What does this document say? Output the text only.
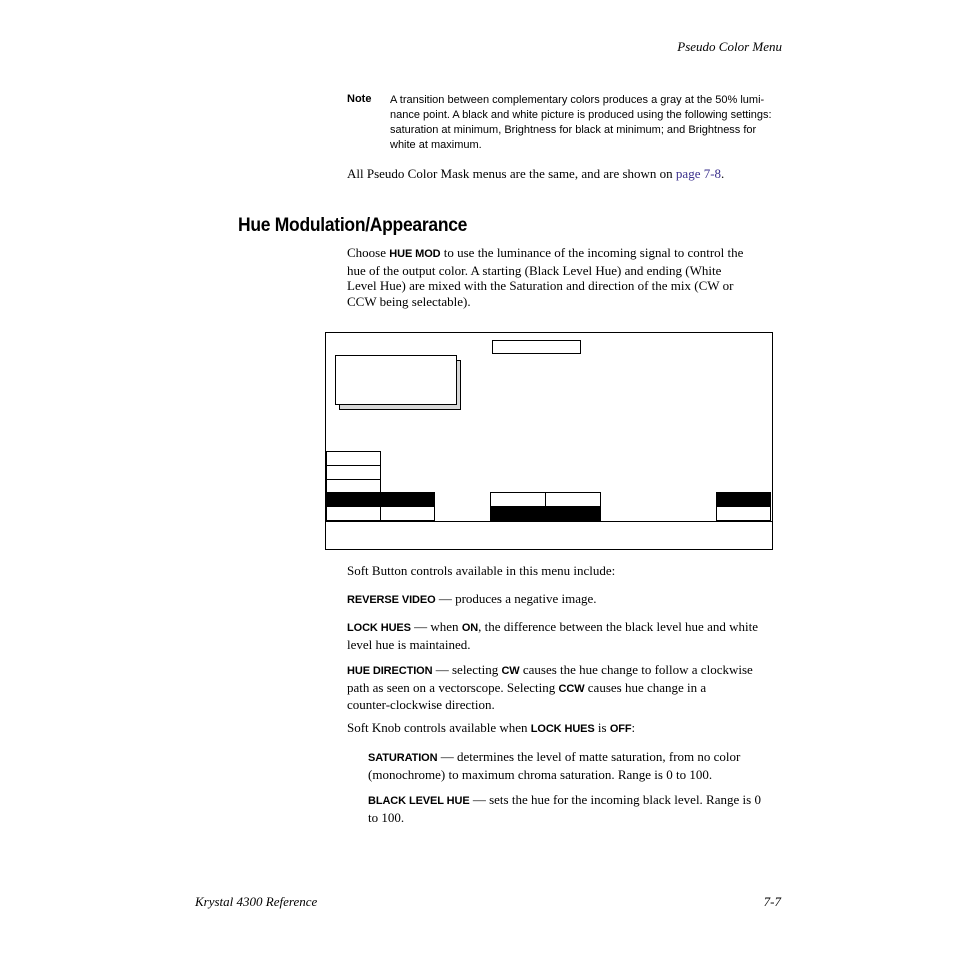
Pseudo Color Menu
Note A transition between complementary colors produces a gray at the 50% lumi-
nance point. A black and white picture is produced using the following settings:
saturation at minimum, Brightness for black at minimum; and Brightness for
white at maximum.
All Pseudo Color Mask menus are the same, and are shown on page 7-8.
Hue Modulation/Appearance
Choose HUE MOD to use the luminance of the incoming signal to control the
hue of the output color. A starting (Black Level Hue) and ending (White
Level Hue) are mixed with the Saturation and direction of the mix (CW or
CCW being selectable).
Soft Button controls available in this menu include:
REVERSE VIDEO — produces a negative image.
LOCK HUES — when ON, the difference between the black level hue and white
level hue is maintained.
HUE DIRECTION — selecting CW causes the hue change to follow a clockwise
path as seen on a vectorscope. Selecting CCW causes hue change in a
counter-clockwise direction.
Soft Knob controls available when LOCK HUES is OFF:
SATURATION — determines the level of matte saturation, from no color
(monochrome) to maximum chroma saturation. Range is 0 to 100.
BLACK LEVEL HUE — sets the hue for the incoming black level. Range is 0
to 100.
Krystal 4300 Reference	7-7
